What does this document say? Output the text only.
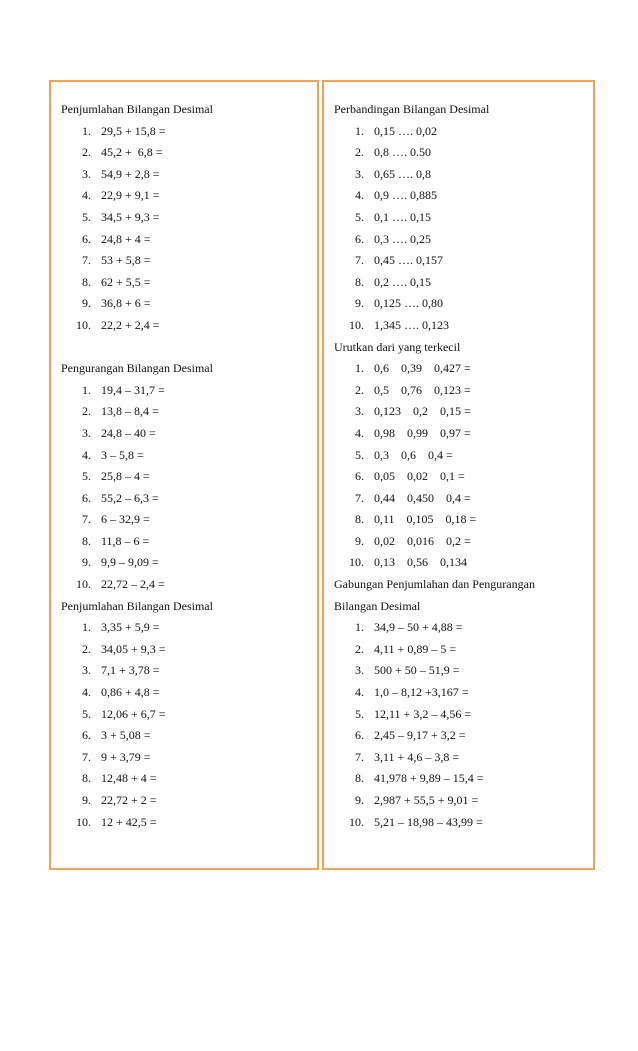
Penjumlahan Bilangan Desimal
1. 29,5 + 15,8 =
2. 45,2 +  6,8 =
3. 54,9 + 2,8 =
4. 22,9 + 9,1 =
5. 34,5 + 9,3 =
6. 24,8 + 4 =
7. 53 + 5,8 =
8. 62 + 5,5 =
9. 36,8 + 6 =
10. 22,2 + 2,4 =
Pengurangan Bilangan Desimal
1. 19,4 – 31,7 =
2. 13,8 – 8,4 =
3. 24,8 – 40 =
4. 3 – 5,8 =
5. 25,8 – 4 =
6. 55,2 – 6,3 =
7. 6 – 32,9 =
8. 11,8 – 6 =
9. 9,9 – 9,09 =
10. 22,72 – 2,4 =
Penjumlahan Bilangan Desimal
1. 3,35 + 5,9 =
2. 34,05 + 9,3 =
3. 7,1 + 3,78 =
4. 0,86 + 4,8 =
5. 12,06 + 6,7 =
6. 3 + 5,08 =
7. 9 + 3,79 =
8. 12,48 + 4 =
9. 22,72 + 2 =
10. 12 + 42,5 =
Perbandingan Bilangan Desimal
1. 0,15 …. 0,02
2. 0,8 …. 0.50
3. 0,65 …. 0,8
4. 0,9 …. 0,885
5. 0,1 …. 0,15
6. 0,3 …. 0,25
7. 0,45 …. 0,157
8. 0,2 …. 0,15
9. 0,125 …. 0,80
10. 1,345 …. 0,123
Urutkan dari yang terkecil
1. 0,6    0,39    0,427 =
2. 0,5    0,76    0,123 =
3. 0,123    0,2    0,15 =
4. 0,98    0,99    0,97 =
5. 0,3    0,6    0,4 =
6. 0,05    0,02    0,1 =
7. 0,44    0,450    0,4 =
8. 0,11    0,105    0,18 =
9. 0,02    0,016    0,2 =
10. 0,13    0,56    0,134
Gabungan Penjumlahan dan Pengurangan
Bilangan Desimal
1. 34,9 – 50 + 4,88 =
2. 4,11 + 0,89 – 5 =
3. 500 + 50 – 51,9 =
4. 1,0 – 8,12 +3,167 =
5. 12,11 + 3,2 – 4,56 =
6. 2,45 – 9,17 + 3,2 =
7. 3,11 + 4,6 – 3,8 =
8. 41,978 + 9,89 – 15,4 =
9. 2,987 + 55,5 + 9,01 =
10. 5,21 – 18,98 – 43,99 =
